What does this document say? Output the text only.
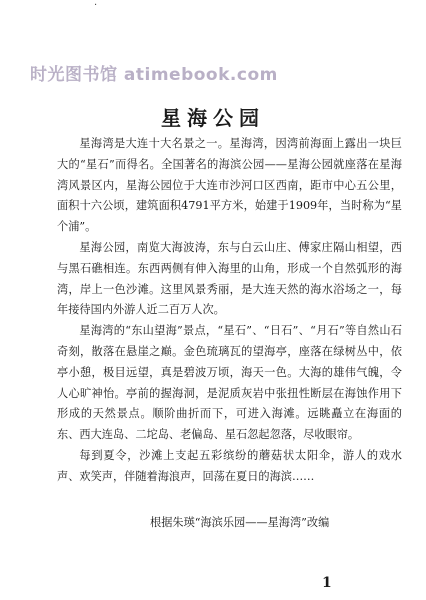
·
时光图书馆 atimebook.com
星海公园

星海湾是大连十大名景之一。星海湾，因湾前海面上露出一块巨大的“星石”而得名。全国著名的海滨公园——星海公园就座落在星海湾风景区内，星海公园位于大连市沙河口区西南，距市中心五公里，面积十六公顷，建筑面积4791平方米，始建于1909年，当时称为“星个浦”。

星海公园，南览大海波涛，东与白云山庄、傅家庄隔山相望，西与黑石礁相连。东西两侧有伸入海里的山角，形成一个自然弧形的海湾，岸上一色沙滩。这里风景秀丽，是大连天然的海水浴场之一，每年接待国内外游人近二百万人次。

星海湾的“东山望海”景点，“星石”、“日石”、“月石”等自然山石奇刻，散落在悬崖之巅。金色琉璃瓦的望海亭，座落在绿树丛中，依亭小憩，极目远望，真是碧波万顷，海天一色。大海的雄伟气魄，令人心旷神怡。亭前的握海洞，是泥质灰岩中张扭性断层在海蚀作用下形成的天然景点。顺阶曲折而下，可进入海滩。远眺矗立在海面的东、西大连岛、二坨岛、老偏岛、星石忽起忽落，尽收眼帘。

每到夏令，沙滩上支起五彩缤纷的蘑菇状太阳伞，游人的戏水声、欢笑声，伴随着海浪声，回荡在夏日的海滨……

根据朱瑛“海滨乐园——星海湾”改编
1
